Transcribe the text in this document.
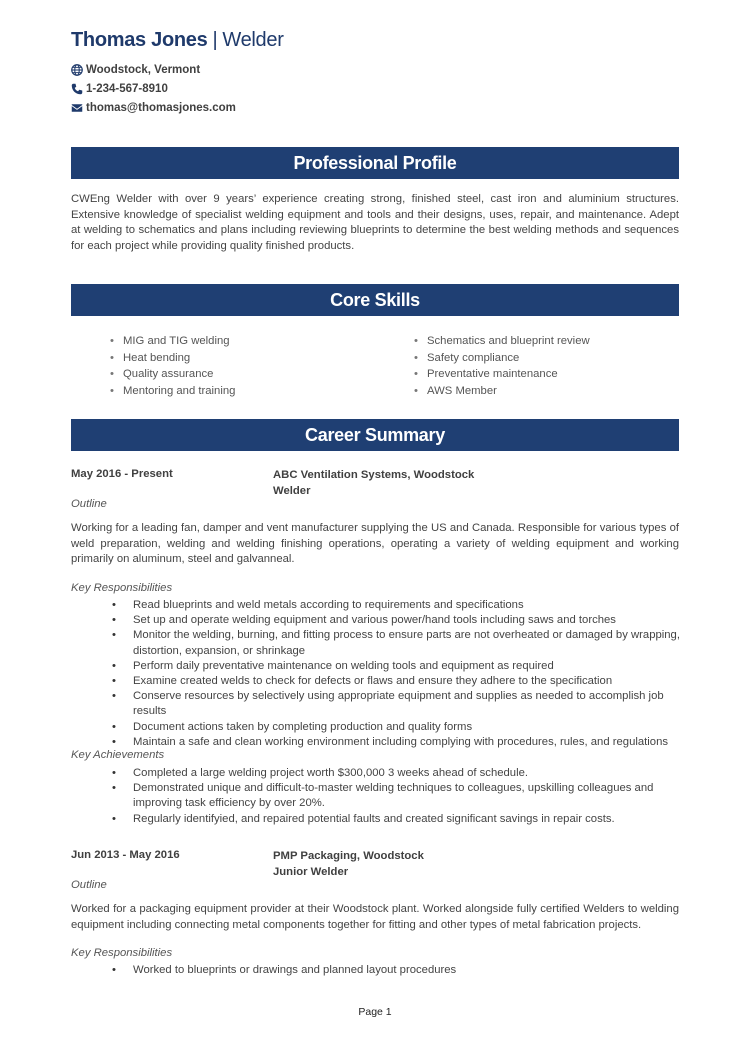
Thomas Jones | Welder
Woodstock, Vermont
1-234-567-8910
thomas@thomasjones.com
Professional Profile

CWEng Welder with over 9 years’ experience creating strong, finished steel, cast iron and aluminium structures. Extensive knowledge of specialist welding equipment and tools and their designs, uses, repair, and maintenance. Adept at welding to schematics and plans including reviewing blueprints to determine the best welding methods and sequences for each project while providing quality finished products.

Core Skills
• MIG and TIG welding	• Schematics and blueprint review
• Heat bending	• Safety compliance
• Quality assurance	• Preventative maintenance
• Mentoring and training	• AWS Member
Career Summary
May 2016 - Present	ABC Ventilation Systems, Woodstock
Welder
Outline

Working for a leading fan, damper and vent manufacturer supplying the US and Canada. Responsible for various types of weld preparation, welding and welding finishing operations, operating a variety of welding equipment and working primarily on aluminum, steel and galvanneal.

Key Responsibilities
• Read blueprints and weld metals according to requirements and specifications
• Set up and operate welding equipment and various power/hand tools including saws and torches
• Monitor the welding, burning, and fitting process to ensure parts are not overheated or damaged by wrapping, distortion, expansion, or shrinkage
• Perform daily preventative maintenance on welding tools and equipment as required
• Examine created welds to check for defects or flaws and ensure they adhere to the specification
• Conserve resources by selectively using appropriate equipment and supplies as needed to accomplish job results
• Document actions taken by completing production and quality forms
• Maintain a safe and clean working environment including complying with procedures, rules, and regulations
Key Achievements
• Completed a large welding project worth $300,000 3 weeks ahead of schedule.
• Demonstrated unique and difficult-to-master welding techniques to colleagues, upskilling colleagues and improving task efficiency by over 20%.
• Regularly identifyied, and repaired potential faults and created significant savings in repair costs.
Jun 2013 - May 2016	PMP Packaging, Woodstock
Junior Welder
Outline

Worked for a packaging equipment provider at their Woodstock plant. Worked alongside fully certified Welders to welding equipment including connecting metal components together for fitting and other types of metal fabrication projects.

Key Responsibilities
• Worked to blueprints or drawings and planned layout procedures
Page 1
